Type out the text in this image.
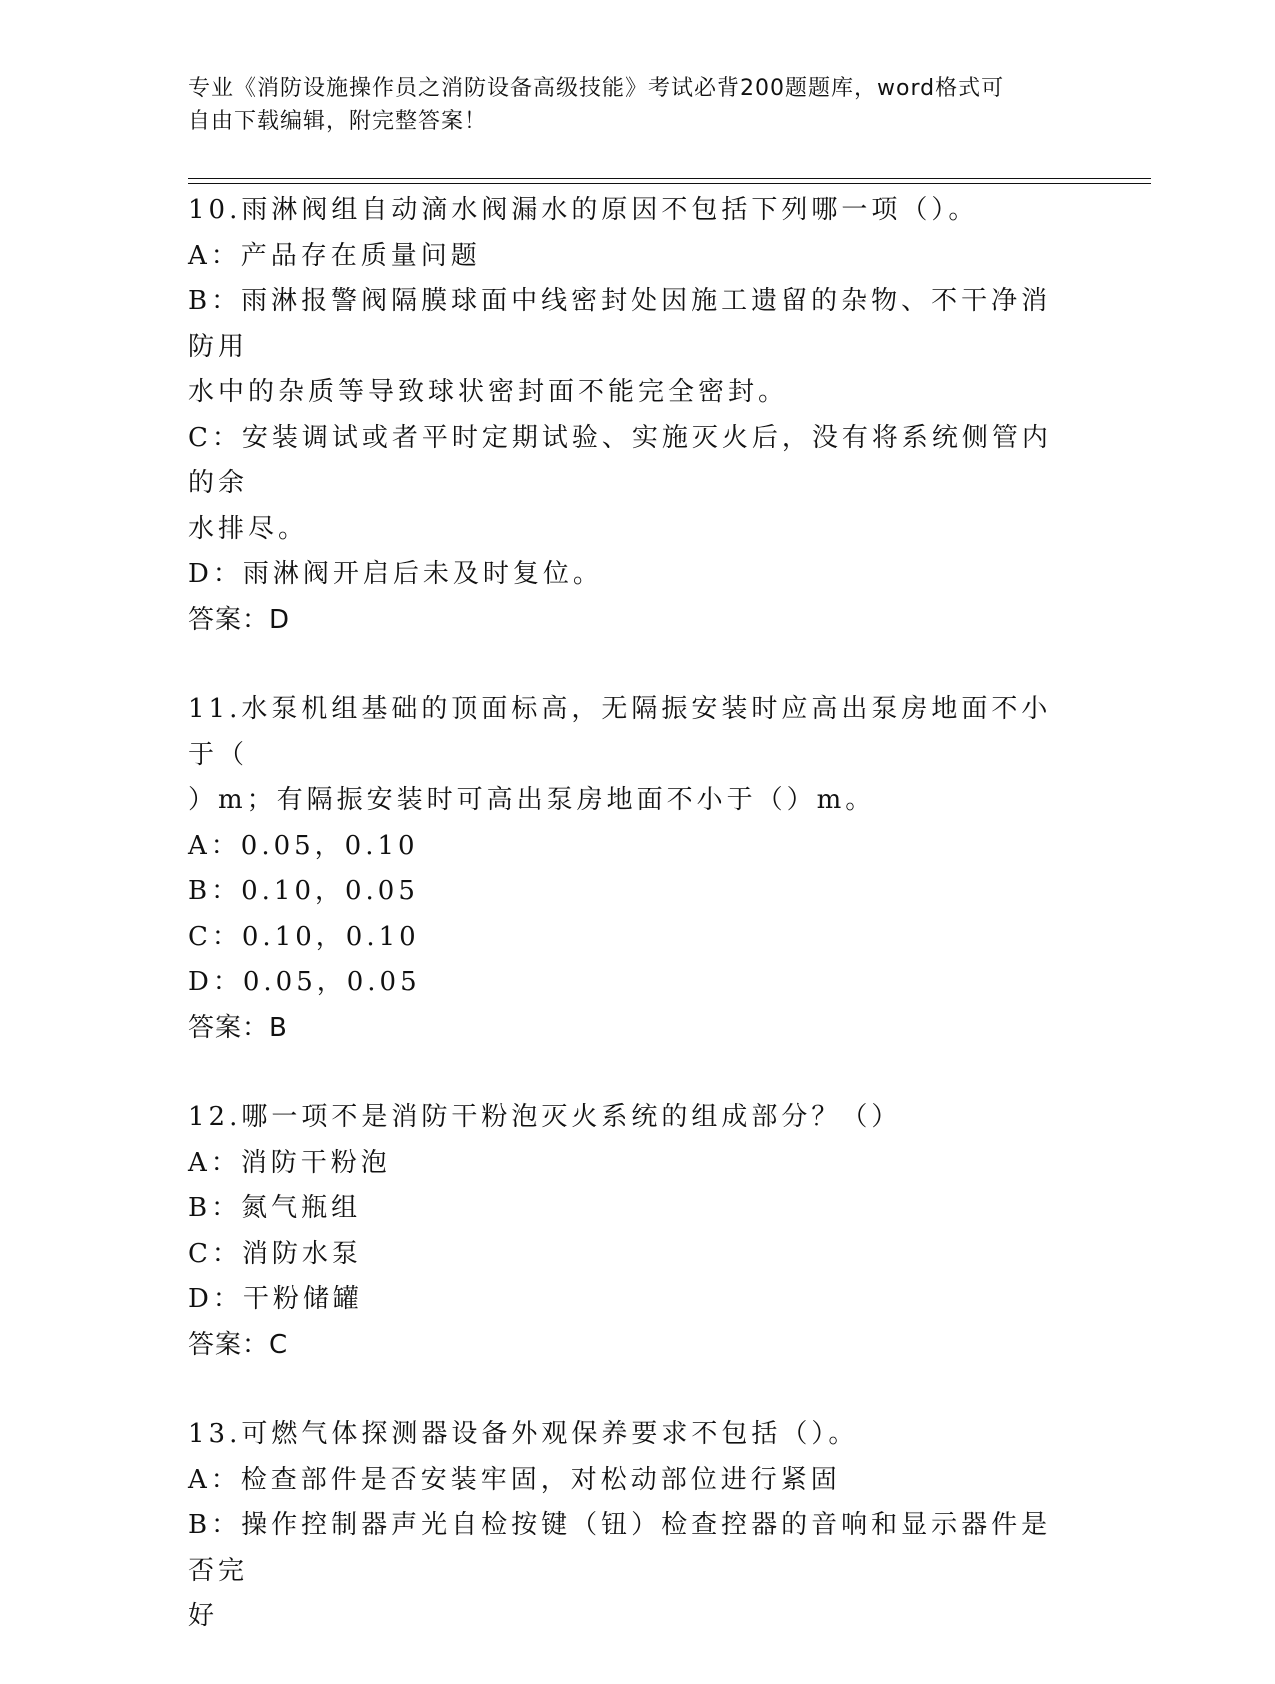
专业《消防设施操作员之消防设备高级技能》考试必背200题题库，word格式可
自由下载编辑，附完整答案！
10.雨淋阀组自动滴水阀漏水的原因不包括下列哪一项（）。
A：产品存在质量问题
B：雨淋报警阀隔膜球面中线密封处因施工遗留的杂物、不干净消防用
水中的杂质等导致球状密封面不能完全密封。
C：安装调试或者平时定期试验、实施灭火后，没有将系统侧管内的余
水排尽。
D：雨淋阀开启后未及时复位。
答案：D
11.水泵机组基础的顶面标高，无隔振安装时应高出泵房地面不小于（
）m；有隔振安装时可高出泵房地面不小于（）m。
A：0.05，0.10
B：0.10，0.05
C：0.10，0.10
D：0.05，0.05
答案：B
12.哪一项不是消防干粉泡灭火系统的组成部分？（）
A：消防干粉泡
B：氮气瓶组
C：消防水泵
D：干粉储罐
答案：C
13.可燃气体探测器设备外观保养要求不包括（）。
A：检查部件是否安装牢固，对松动部位进行紧固
B：操作控制器声光自检按键（钮）检查控器的音响和显示器件是否完
好
